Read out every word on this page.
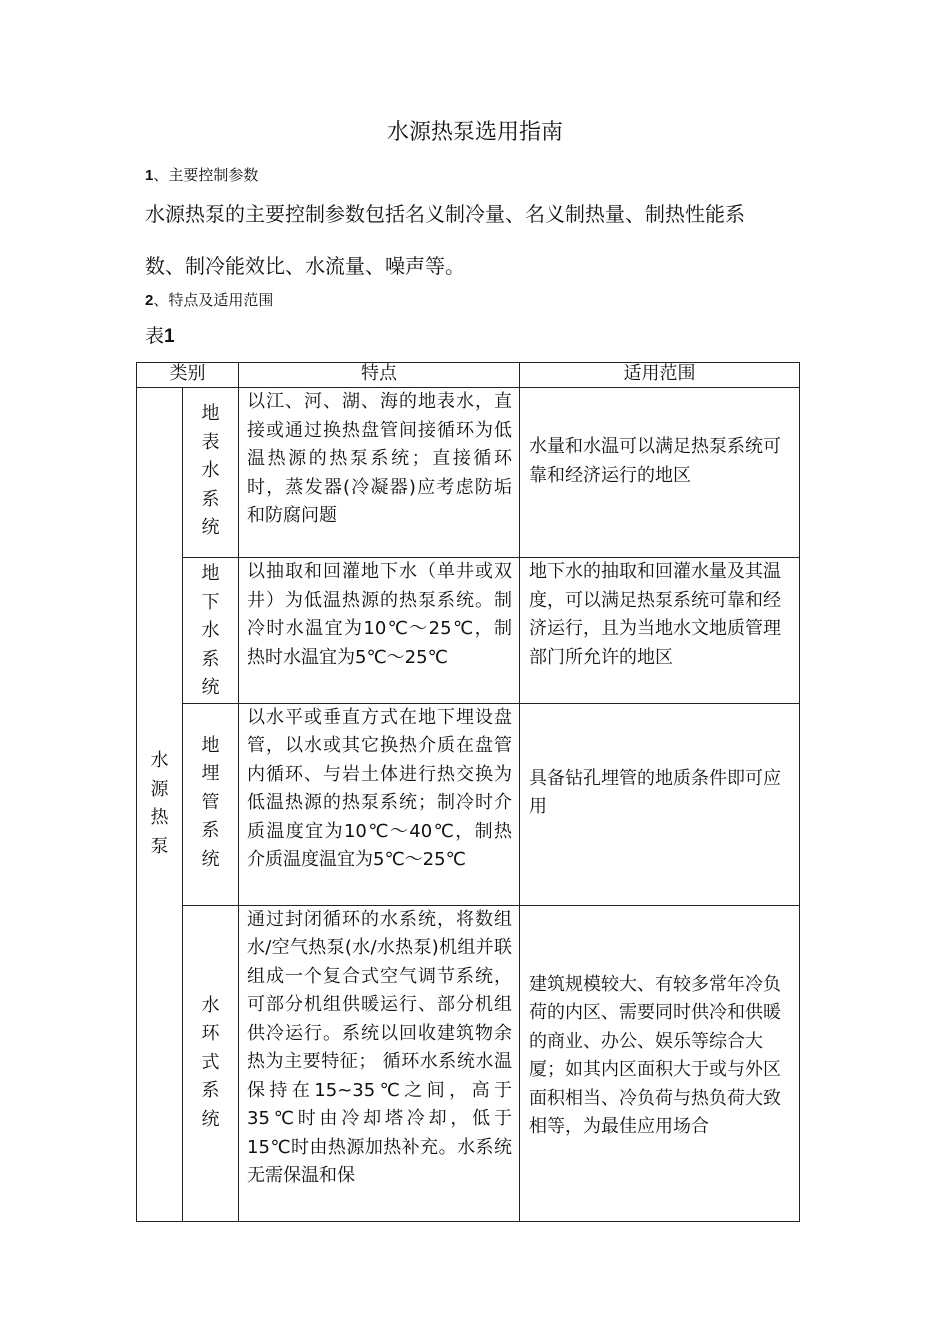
水源热泵选用指南
1、主要控制参数
水源热泵的主要控制参数包括名义制冷量、名义制热量、制热性能系
数、制冷能效比、水流量、噪声等。
2、特点及适用范围
表1
类别		特点	适用范围

水源热泵	地表水系统	以江、河、湖、海的地表水，直接或通过换热盘管间接循环为低温热源的热泵系统；直接循环时，蒸发器(冷凝器)应考虑防垢和防腐问题	水量和水温可以满足热泵系统可靠和经济运行的地区

	地下水系统	以抽取和回灌地下水（单井或双井）为低温热源的热泵系统。制冷时水温宜为10℃～25℃，制热时水温宜为5℃～25℃	地下水的抽取和回灌水量及其温度，可以满足热泵系统可靠和经济运行，且为当地水文地质管理部门所允许的地区

	地埋管系统	以水平或垂直方式在地下埋设盘管，以水或其它换热介质在盘管内循环、与岩土体进行热交换为低温热源的热泵系统；制冷时介质温度宜为10℃～40℃，制热介质温度温宜为5℃～25℃	具备钻孔埋管的地质条件即可应用

	水环式系统	通过封闭循环的水系统，将数组水/空气热泵(水/水热泵)机组并联组成一个复合式空气调节系统，可部分机组供暖运行、部分机组供冷运行。系统以回收建筑物余热为主要特征； 循环水系统水温保持在15~35℃之间，高于35℃时由冷却塔冷却，低于15℃时由热源加热补充。水系统无需保温和保	建筑规模较大、有较多常年冷负荷的内区、需要同时供冷和供暖的商业、办公、娱乐等综合大厦；如其内区面积大于或与外区面积相当、冷负荷与热负荷大致相等，为最佳应用场合
